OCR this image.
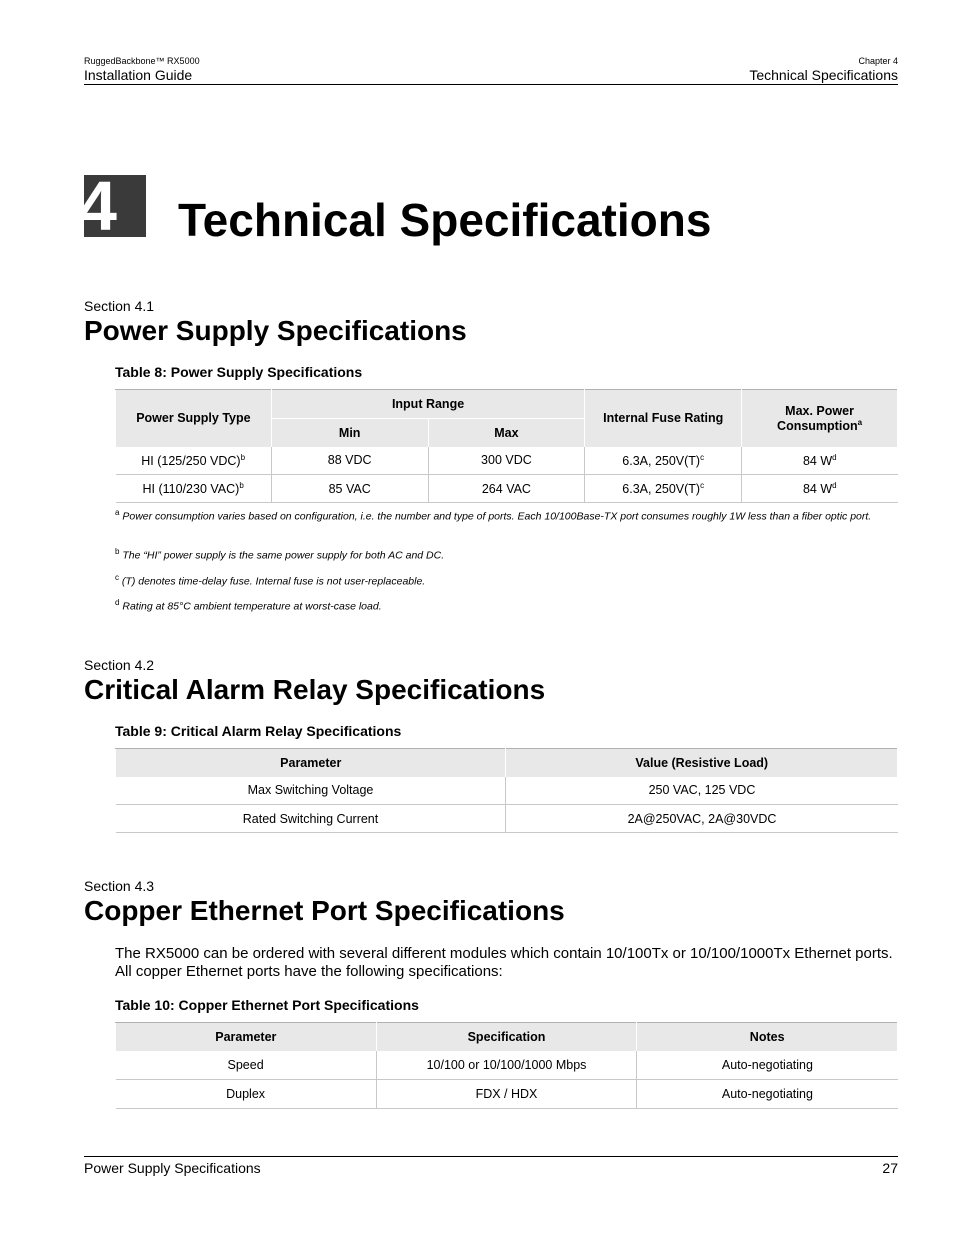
RuggedBackbone™ RX5000
Installation Guide
Chapter 4
Technical Specifications
4 Technical Specifications
Section 4.1
Power Supply Specifications
Table 8: Power Supply Specifications
Power Supply Type	Input Range		Internal Fuse Rating	Max. Power
Consumption$^a$
	Min	Max		
HI (125/250 VDC)$^b$	88 VDC	300 VDC	6.3A, $250V(T)^c$	84 $W^d$
HI (110/230 VAC)$^b$	85 VAC	264 VAC	6.3A, $250V(T)^c$	84 $W^d$
$^a$ Power consumption varies based on configuration, i.e. the number and type of ports. Each 10/100Base-TX port consumes roughly 1W less than a fiber optic port.
$^b$ The “HI” power supply is the same power supply for both AC and DC.
$^c$ (T) denotes time-delay fuse. Internal fuse is not user-replaceable.
$^d$ Rating at 85°C ambient temperature at worst-case load.
Section 4.2
Critical Alarm Relay Specifications
Table 9: Critical Alarm Relay Specifications
Parameter	Value (Resistive Load)
Max Switching Voltage	250 VAC, 125 VDC
Rated Switching Current	2A@250VAC, 2A@30VDC
Section 4.3
Copper Ethernet Port Specifications
The RX5000 can be ordered with several different modules which contain 10/100Tx or 10/100/1000Tx Ethernet ports. All copper Ethernet ports have the following specifications:
Table 10: Copper Ethernet Port Specifications
Parameter	Specification	Notes
Speed	10/100 or 10/100/1000 Mbps	Auto-negotiating
Duplex	FDX / HDX	Auto-negotiating
Power Supply Specifications	27
